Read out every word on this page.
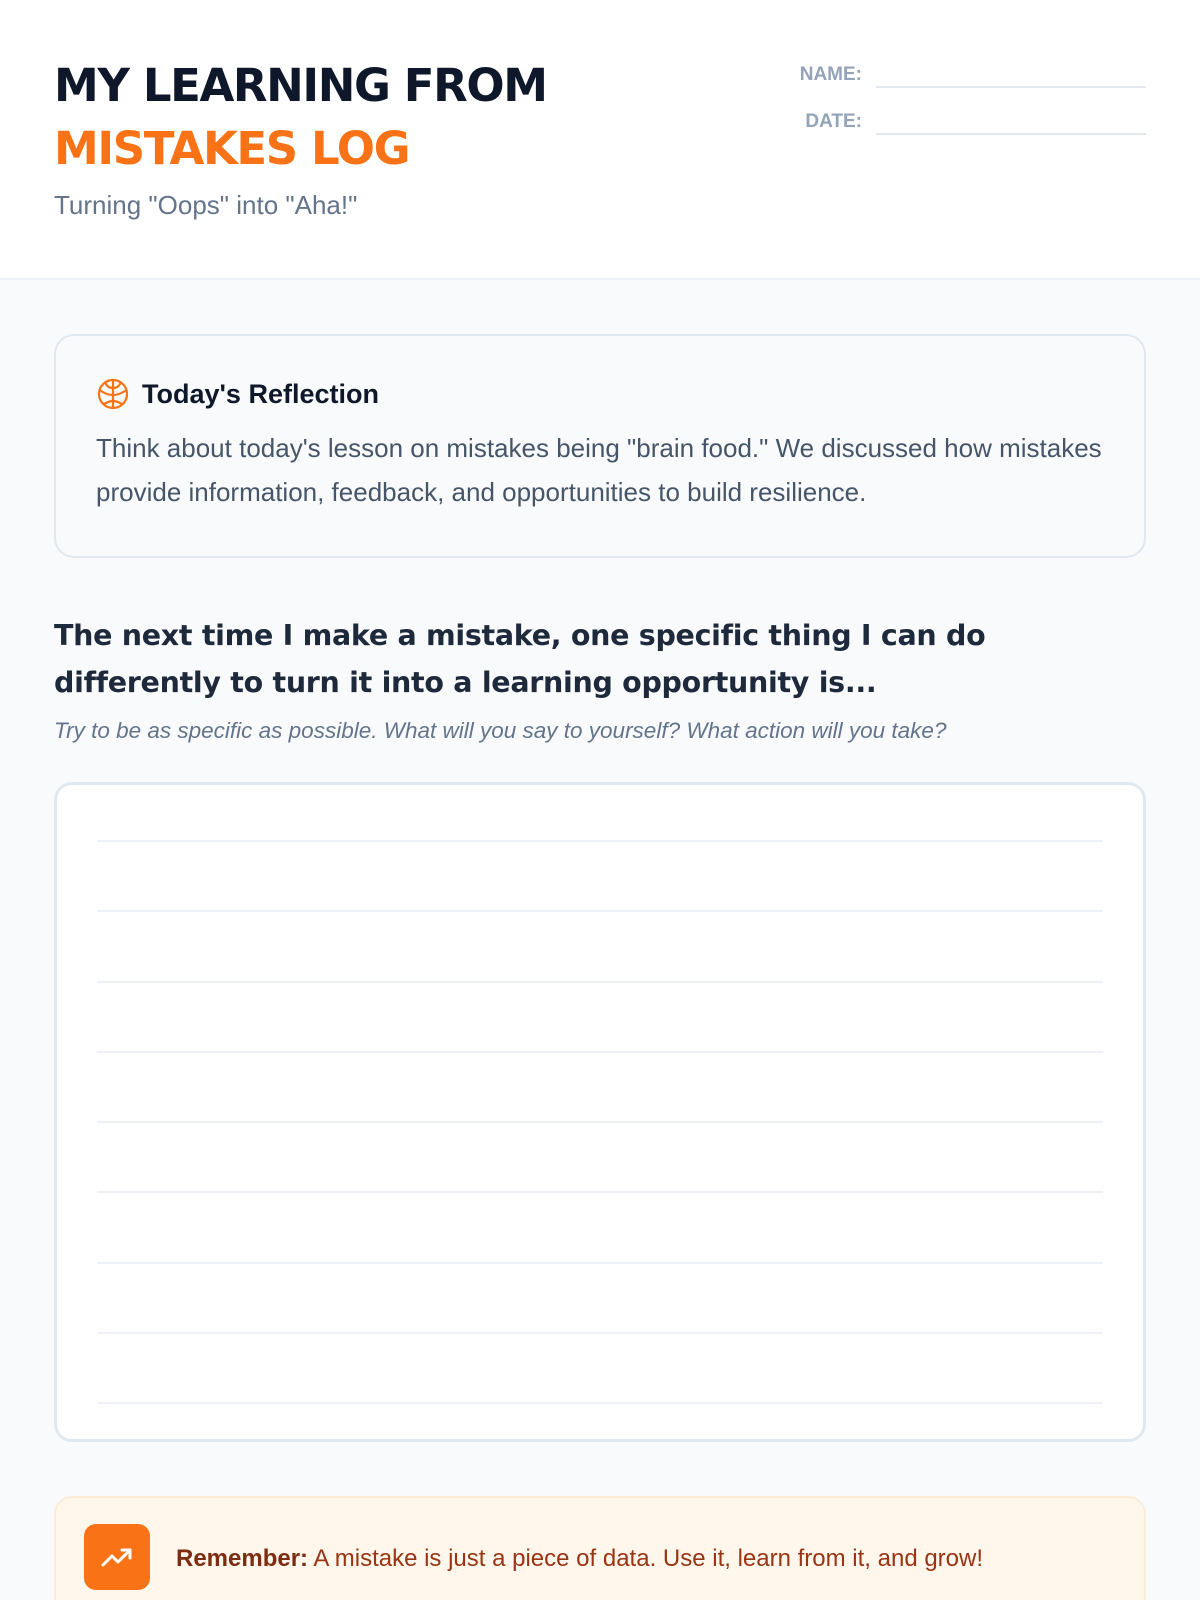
MY LEARNING FROM
MISTAKES LOG
Turning "Oops" into "Aha!"
NAME:
DATE:
Today's Reflection

Think about today's lesson on mistakes being "brain food." We discussed how mistakes provide information, feedback, and opportunities to build resilience.

The next time I make a mistake, one specific thing I can do differently to turn it into a learning opportunity is...

Try to be as specific as possible. What will you say to yourself? What action will you take?

Remember: A mistake is just a piece of data. Use it, learn from it, and grow!
